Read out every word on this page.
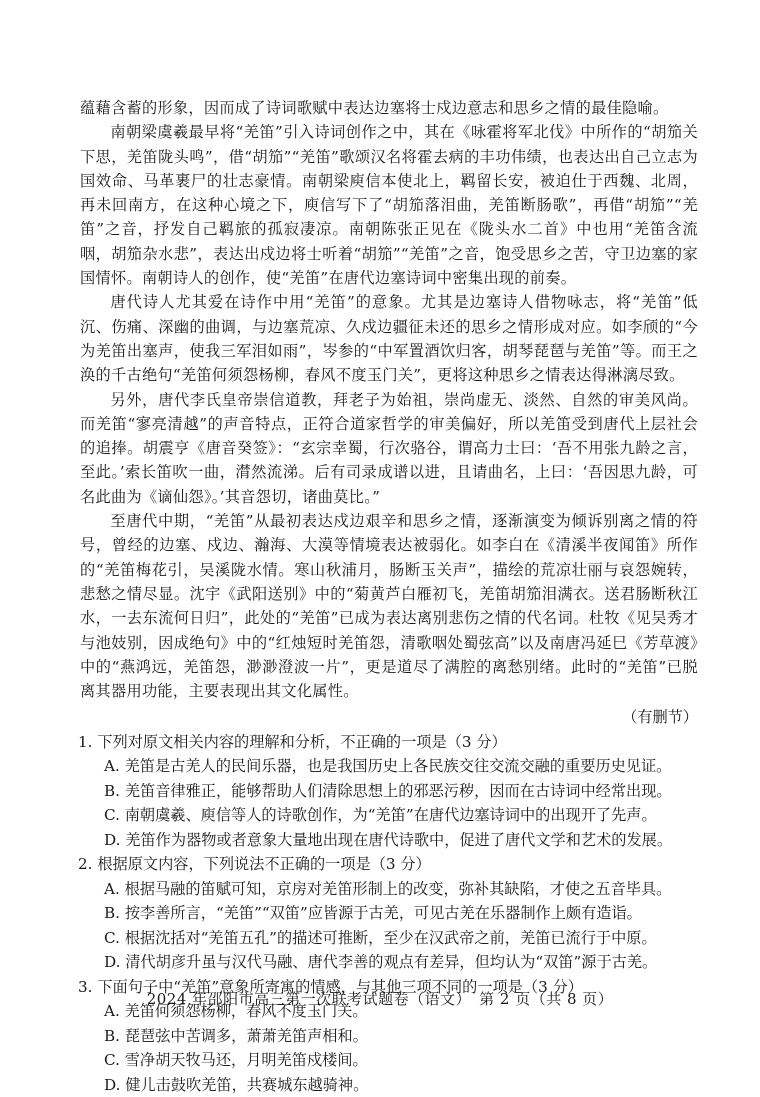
蕴藉含蓄的形象，因而成了诗词歌赋中表达边塞将士戍边意志和思乡之情的最佳隐喻。

南朝梁虞羲最早将“羌笛”引入诗词创作之中，其在《咏霍将军北伐》中所作的“胡笳关下思，羌笛陇头鸣”，借“胡笳”“羌笛”歌颂汉名将霍去病的丰功伟绩，也表达出自己立志为国效命、马革裹尸的壮志豪情。南朝梁庾信本使北上，羁留长安，被迫仕于西魏、北周，再未回南方，在这种心境之下，庾信写下了“胡笳落泪曲，羌笛断肠歌”，再借“胡笳”“羌笛”之音，抒发自己羁旅的孤寂凄凉。南朝陈张正见在《陇头水二首》中也用“羌笛含流咽，胡笳杂水悲”，表达出戍边将士听着“胡笳”“羌笛”之音，饱受思乡之苦，守卫边塞的家国情怀。南朝诗人的创作，使“羌笛”在唐代边塞诗词中密集出现的前奏。

唐代诗人尤其爱在诗作中用“羌笛”的意象。尤其是边塞诗人借物咏志，将“羌笛”低沉、伤痛、深幽的曲调，与边塞荒凉、久戍边疆征未还的思乡之情形成对应。如李颀的“今为羌笛出塞声，使我三军泪如雨”，岑参的“中军置酒饮归客，胡琴琵琶与羌笛”等。而王之涣的千古绝句“羌笛何须怨杨柳，春风不度玉门关”，更将这种思乡之情表达得淋漓尽致。

另外，唐代李氏皇帝崇信道教，拜老子为始祖，崇尚虚无、淡然、自然的审美风尚。而羌笛“寥亮清越”的声音特点，正符合道家哲学的审美偏好，所以羌笛受到唐代上层社会的追捧。胡震亨《唐音癸签》：“玄宗幸蜀，行次骆谷，谓高力士曰：‘吾不用张九龄之言，至此。’索长笛吹一曲，潸然流涕。后有司录成谱以进，且请曲名，上曰：‘吾因思九龄，可名此曲为《谪仙怨》。’其音怨切，诸曲莫比。”

至唐代中期，“羌笛”从最初表达戍边艰辛和思乡之情，逐渐演变为倾诉别离之情的符号，曾经的边塞、戍边、瀚海、大漠等情境表达被弱化。如李白在《清溪半夜闻笛》所作的“羌笛梅花引，吴溪陇水情。寒山秋浦月，肠断玉关声”，描绘的荒凉壮丽与哀怨婉转，悲愁之情尽显。沈宇《武阳送别》中的“菊黄芦白雁初飞，羌笛胡笳泪满衣。送君肠断秋江水，一去东流何日归”，此处的“羌笛”已成为表达离别悲伤之情的代名词。杜牧《见吴秀才与池妓别，因成绝句》中的“红烛短时羌笛怨，清歌咽处蜀弦高”以及南唐冯延巳《芳草渡》中的“燕鸿远，羌笛怨，渺渺澄波一片”，更是道尽了满腔的离愁别绪。此时的“羌笛”已脱离其器用功能，主要表现出其文化属性。

（有删节）

1. 下列对原文相关内容的理解和分析，不正确的一项是（3 分）

A. 羌笛是古羌人的民间乐器，也是我国历史上各民族交往交流交融的重要历史见证。

B. 羌笛音律雅正，能够帮助人们清除思想上的邪恶污秽，因而在古诗词中经常出现。

C. 南朝虞羲、庾信等人的诗歌创作，为“羌笛”在唐代边塞诗词中的出现开了先声。

D. 羌笛作为器物或者意象大量地出现在唐代诗歌中，促进了唐代文学和艺术的发展。

2. 根据原文内容，下列说法不正确的一项是（3 分）

A. 根据马融的笛赋可知，京房对羌笛形制上的改变，弥补其缺陷，才使之五音毕具。

B. 按李善所言，“羌笛”“双笛”应皆源于古羌，可见古羌在乐器制作上颇有造诣。

C. 根据沈括对“羌笛五孔”的描述可推断，至少在汉武帝之前，羌笛已流行于中原。

D. 清代胡彦升虽与汉代马融、唐代李善的观点有差异，但均认为“双笛”源于古羌。

3. 下面句子中“羌笛”意象所寄寓的情感，与其他三项不同的一项是（3 分）

A. 羌笛何须怨杨柳，春风不度玉门关。

B. 琵琶弦中苦调多，萧萧羌笛声相和。

C. 雪净胡天牧马还，月明羌笛戍楼间。

D. 健儿击鼓吹羌笛，共赛城东越骑神。

2024 年邵阳市高三第一次联考试题卷（语文）　第 2 页（共 8 页）
